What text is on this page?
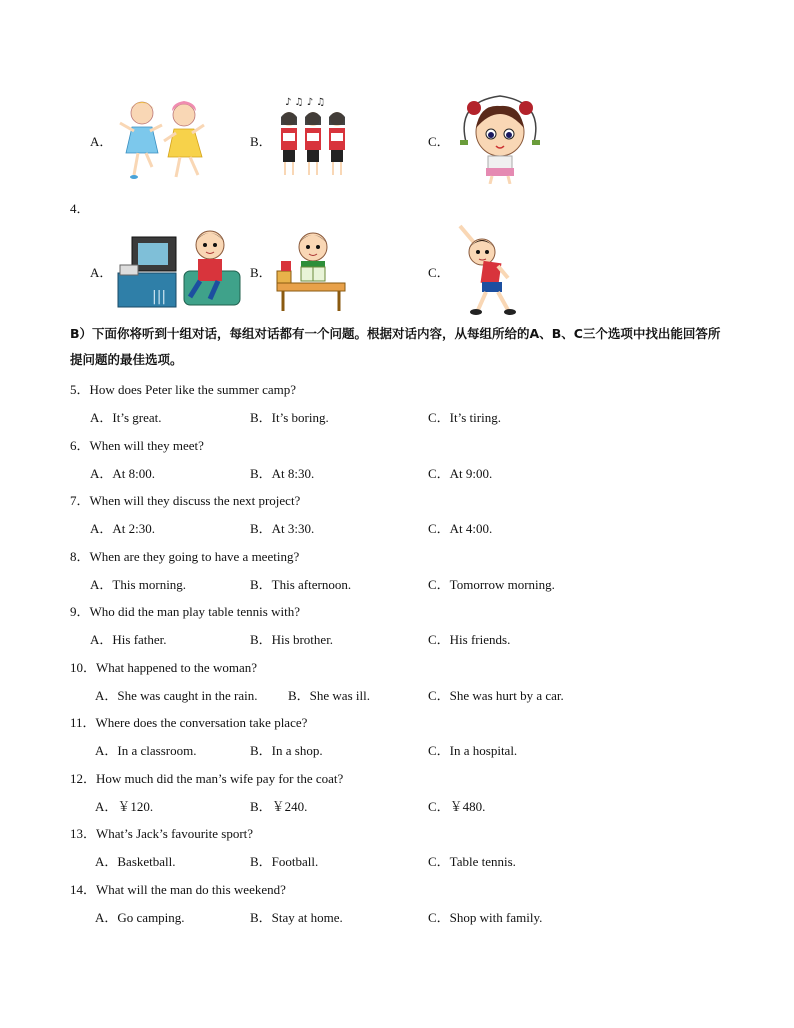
A．	B．
♪ ♫ ♪ ♫
C．
4．
A．
|||
B．	C．
B）下面你将听到十组对话，每组对话都有一个问题。根据对话内容，从每组所给的A、B、C三个选项中找出能回答所提问题的最佳选项。
5．How does Peter like the summer camp?
A．It’s great.	B．It’s boring.	C．It’s tiring.
6．When will they meet?
A．At 8:00.	B．At 8:30.	C．At 9:00.
7．When will they discuss the next project?
A．At 2:30.	B．At 3:30.	C．At 4:00.
8．When are they going to have a meeting?
A．This morning.	B．This afternoon.	C．Tomorrow morning.
9．Who did the man play table tennis with?
A．His father.	B．His brother.	C．His friends.
10．What happened to the woman?
A．She was caught in the rain. B．She was ill.	C．She was hurt by a car.
11．Where does the conversation take place?
A．In a classroom.	B．In a shop.	C．In a hospital.
12．How much did the man’s wife pay for the coat?
A．￥120.	B．￥240.	C．￥480.
13．What’s Jack’s favourite sport?
A．Basketball.	B．Football.	C．Table tennis.
14．What will the man do this weekend?
A．Go camping.	B．Stay at home.	C．Shop with family.
